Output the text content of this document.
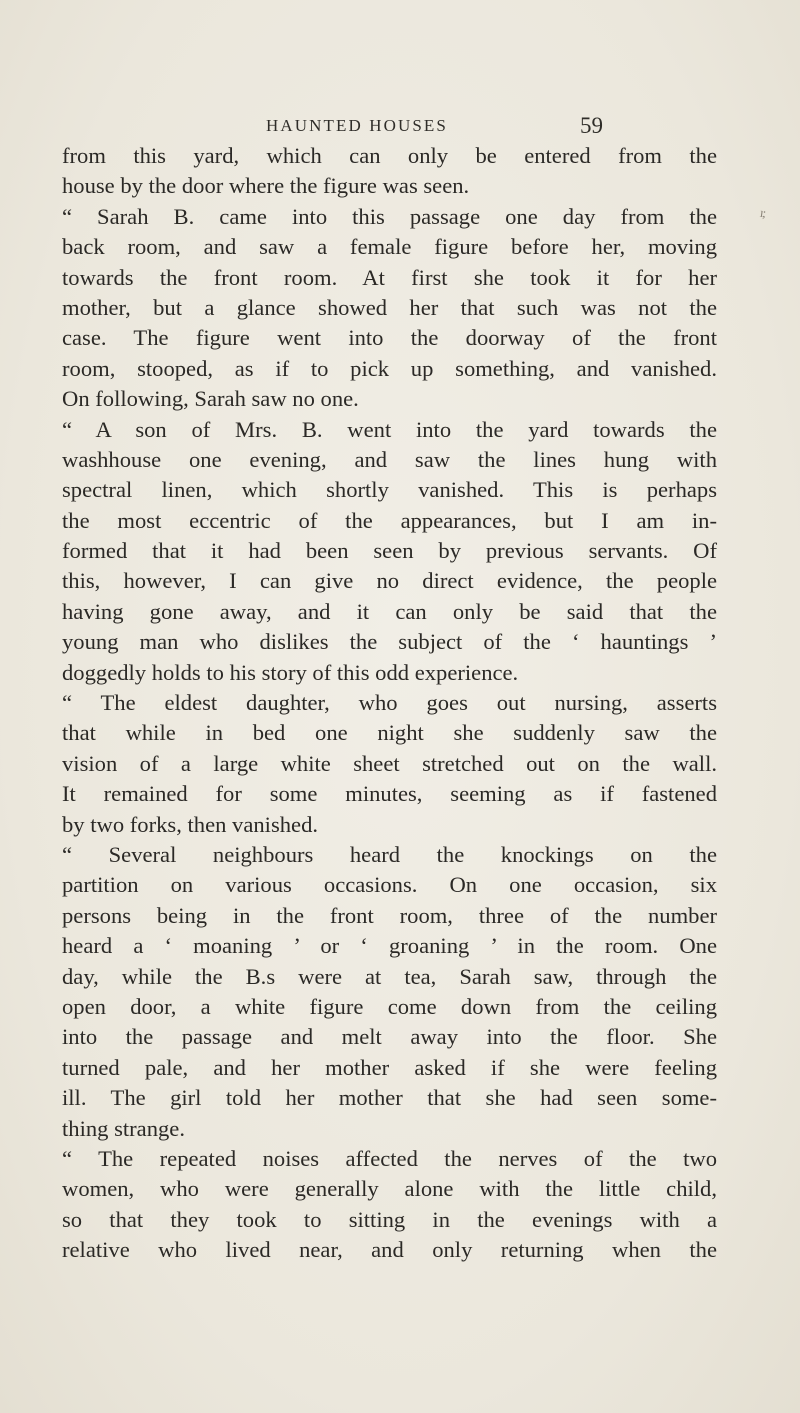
HAUNTED HOUSES	59
ı;
from this yard, which can only be entered from the
house by the door where the figure was seen.
“ Sarah B. came into this passage one day from the
back room, and saw a female figure before her, moving
towards the front room. At first she took it for her
mother, but a glance showed her that such was not the
case. The figure went into the doorway of the front
room, stooped, as if to pick up something, and vanished.
On following, Sarah saw no one.
“ A son of Mrs. B. went into the yard towards the
washhouse one evening, and saw the lines hung with
spectral linen, which shortly vanished. This is perhaps
the most eccentric of the appearances, but I am in-
formed that it had been seen by previous servants. Of
this, however, I can give no direct evidence, the people
having gone away, and it can only be said that the
young man who dislikes the subject of the ‘ hauntings ’
doggedly holds to his story of this odd experience.
“ The eldest daughter, who goes out nursing, asserts
that while in bed one night she suddenly saw the
vision of a large white sheet stretched out on the wall.
It remained for some minutes, seeming as if fastened
by two forks, then vanished.
“ Several neighbours heard the knockings on the
partition on various occasions. On one occasion, six
persons being in the front room, three of the number
heard a ‘ moaning ’ or ‘ groaning ’ in the room. One
day, while the B.s were at tea, Sarah saw, through the
open door, a white figure come down from the ceiling
into the passage and melt away into the floor. She
turned pale, and her mother asked if she were feeling
ill. The girl told her mother that she had seen some-
thing strange.
“ The repeated noises affected the nerves of the two
women, who were generally alone with the little child,
so that they took to sitting in the evenings with a
relative who lived near, and only returning when the
